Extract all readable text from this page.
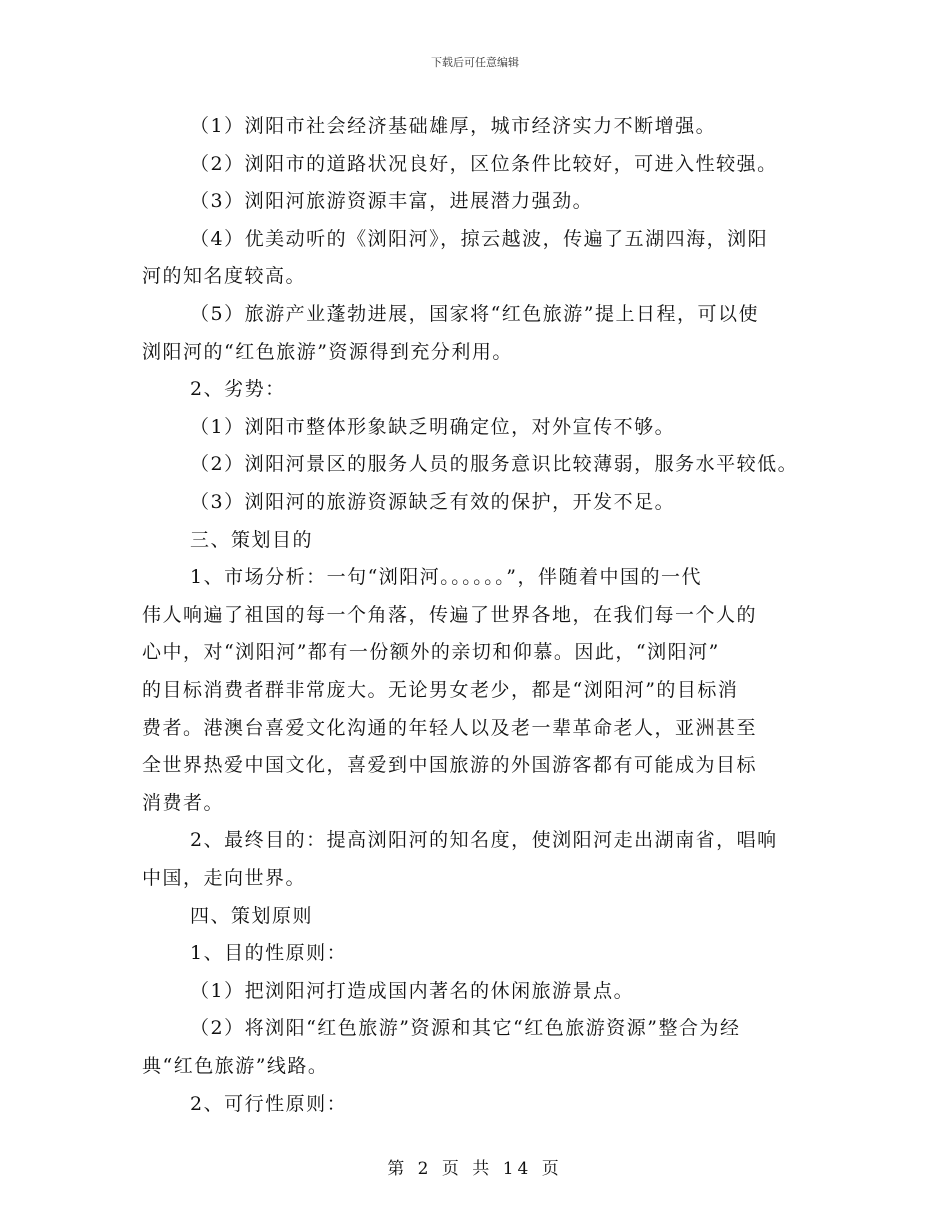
下载后可任意编辑
（1）浏阳市社会经济基础雄厚，城市经济实力不断增强。
（2）浏阳市的道路状况良好，区位条件比较好，可进入性较强。
（3）浏阳河旅游资源丰富，进展潜力强劲。
（4）优美动听的《浏阳河》，掠云越波，传遍了五湖四海，浏阳
河的知名度较高。
（5）旅游产业蓬勃进展，国家将“红色旅游”提上日程，可以使
浏阳河的“红色旅游”资源得到充分利用。
2、劣势：
（1）浏阳市整体形象缺乏明确定位，对外宣传不够。
（2）浏阳河景区的服务人员的服务意识比较薄弱，服务水平较低。
（3）浏阳河的旅游资源缺乏有效的保护，开发不足。
三、策划目的
1、市场分析：一句“浏阳河。。。。。。”，伴随着中国的一代
伟人响遍了祖国的每一个角落，传遍了世界各地，在我们每一个人的
心中，对“浏阳河”都有一份额外的亲切和仰慕。因此，“浏阳河”
的目标消费者群非常庞大。无论男女老少，都是“浏阳河”的目标消
费者。港澳台喜爱文化沟通的年轻人以及老一辈革命老人，亚洲甚至
全世界热爱中国文化，喜爱到中国旅游的外国游客都有可能成为目标
消费者。
2、最终目的：提高浏阳河的知名度，使浏阳河走出湖南省，唱响
中国，走向世界。
四、策划原则
1、目的性原则：
（1）把浏阳河打造成国内著名的休闲旅游景点。
（2）将浏阳“红色旅游”资源和其它“红色旅游资源”整合为经
典“红色旅游”线路。
2、可行性原则：
第 2 页 共 14 页
